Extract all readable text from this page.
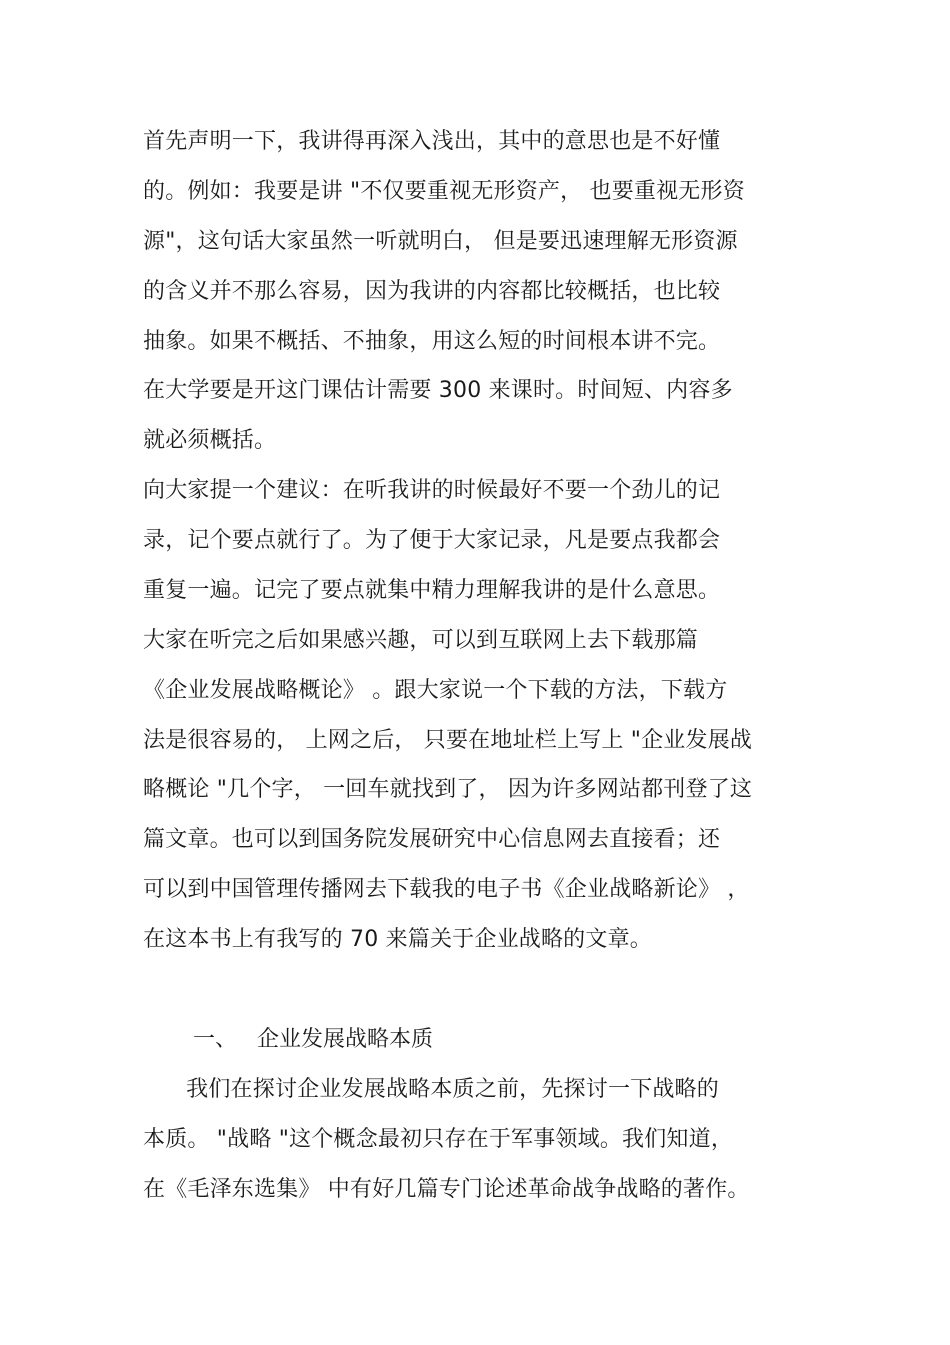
首先声明一下，我讲得再深入浅出，其中的意思也是不好懂
的。例如：我要是讲 "不仅要重视无形资产， 也要重视无形资
源"，这句话大家虽然一听就明白， 但是要迅速理解无形资源
的含义并不那么容易，因为我讲的内容都比较概括，也比较
抽象。如果不概括、不抽象，用这么短的时间根本讲不完。
在大学要是开这门课估计需要 300 来课时。时间短、内容多
就必须概括。
向大家提一个建议：在听我讲的时候最好不要一个劲儿的记
录，记个要点就行了。为了便于大家记录，凡是要点我都会
重复一遍。记完了要点就集中精力理解我讲的是什么意思。
大家在听完之后如果感兴趣，可以到互联网上去下载那篇
《企业发展战略概论》 。跟大家说一个下载的方法，下载方
法是很容易的， 上网之后， 只要在地址栏上写上 "企业发展战
略概论 "几个字， 一回车就找到了， 因为许多网站都刊登了这
篇文章。也可以到国务院发展研究中心信息网去直接看；还
可以到中国管理传播网去下载我的电子书《企业战略新论》 ，
在这本书上有我写的 70 来篇关于企业战略的文章。
一、 企业发展战略本质
我们在探讨企业发展战略本质之前，先探讨一下战略的
本质。 "战略 "这个概念最初只存在于军事领域。我们知道，
在《毛泽东选集》 中有好几篇专门论述革命战争战略的著作。
